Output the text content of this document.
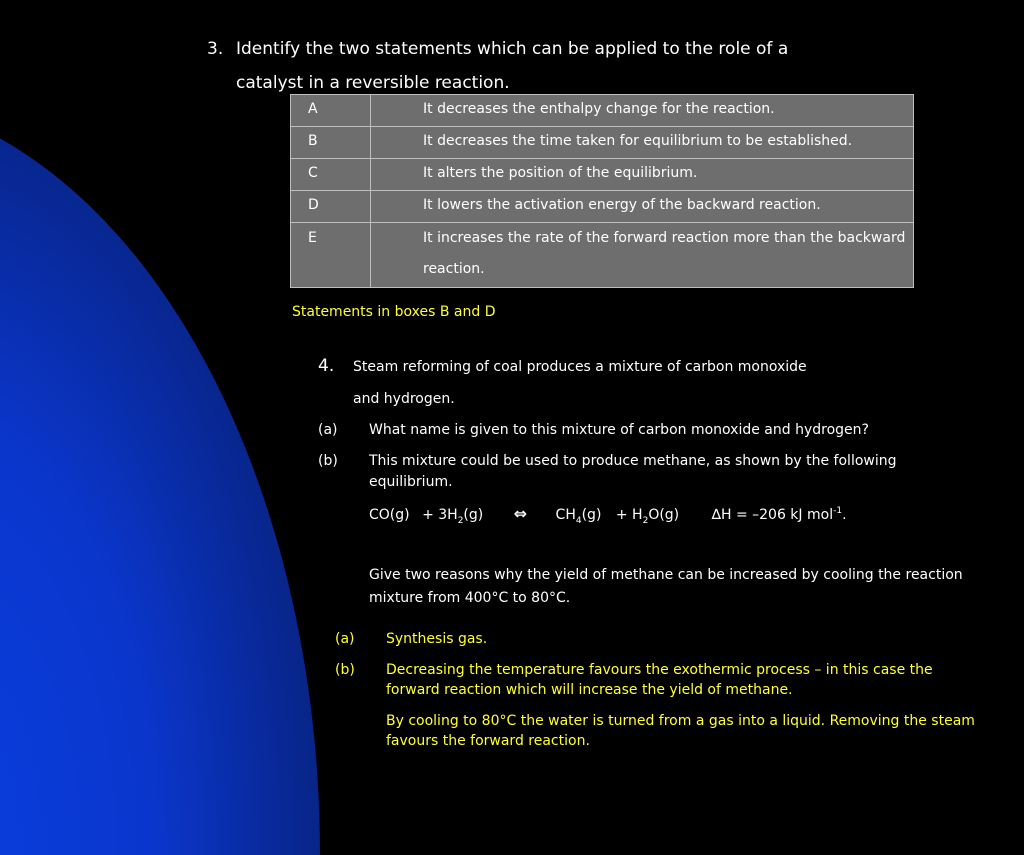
3. Identify the two statements which can be applied to the role of a
catalyst in a reversible reaction.
A	It decreases the enthalpy change for the reaction.
B	It decreases the time taken for equilibrium to be established.
C	It alters the position of the equilibrium.
D	It lowers the activation energy of the backward reaction.
E	It increases the rate of the forward reaction more than the backward reaction.
Statements in boxes B and D
4. Steam reforming of coal produces a mixture of carbon monoxide
and hydrogen.
(a) What name is given to this mixture of carbon monoxide and hydrogen?
(b) This mixture could be used to produce methane, as shown by the following equilibrium.
$CO(g) + 3H_2(g)$ ⇔ $CH_4(g) + H_2O(g) \Delta H = -206$ kJ mol$^{-1}$.
Give two reasons why the yield of methane can be increased by cooling the reaction mixture from 400°C to 80°C.
(a) Synthesis gas.
(b) Decreasing the temperature favours the exothermic process – in this case the forward reaction which will increase the yield of methane.
By cooling to 80°C the water is turned from a gas into a liquid. Removing the steam favours the forward reaction.
